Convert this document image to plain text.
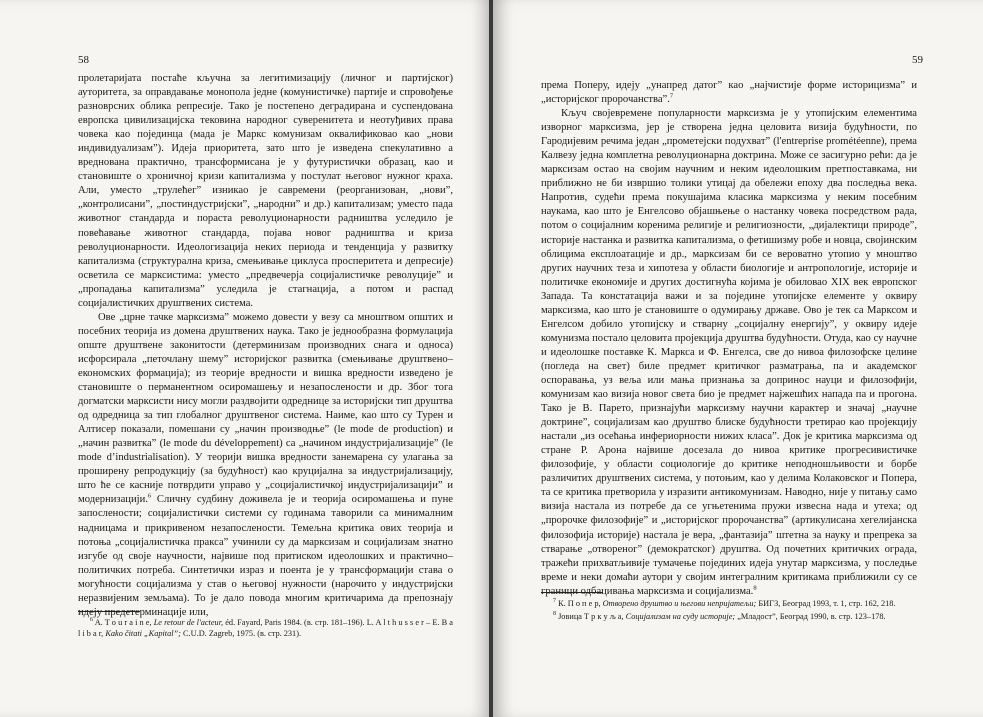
58

пролетаријата постаће кључна за легитимизацију (личног и партијског) ауторитета, за оправдавање монопола једне (комунистичке) партије и спровођење разноврсних облика репресије. Тако је постепено деградирана и суспендована европска цивилизацијска тековина народног суверенитета и неотуђивих права човека као појединца (мада је Маркс комунизам оквалификовао као „нови индивидуализам”). Идеја приоритета, зато што је изведена спекулативно а вреднована практично, трансформисана је у футуристички образац, као и становиште о хроничној кризи капитализма у постулат његовог нужног краха. Али, уместо „трулећег” изникао је савремени (реорганизован, „нови”, „контролисани”, „постиндустријски”, „народни” и др.) капитализам; уместо пада животног стандарда и пораста револуционарности радништва уследило је повећавање животног стандарда, појава новог радништва и криза револуционарности. Идеологизација неких периода и тенденција у развитку капитализма (структурална криза, смењивање циклуса просперитета и депресије) осветила се марксистима: уместо „предвечерја социјалистичке револуције” и „пропадања капитализма” уследила је стагнација, а потом и распад социјалистичких друштвених система.

Ове „црне тачке марксизма” можемо довести у везу са мноштвом општих и посебних теорија из домена друштвених наука. Тако је једнообразна формулација опште друштвене законитости (детерминизам производних снага и односа) исфорсирала „петочлану шему” историјског развитка (смењивање друштвено–економских формација); из теорије вредности и вишка вредности изведено је становиште о перманентном осиромашењу и незапослености и др. Због тога догматски марксисти нису могли раздвојити одреднице за историјски тип друштва од одредница за тип глобалног друштвеног система. Наиме, као што су Турен и Алтисер показали, помешани су „начин производње” (le mode de production) и „начин развитка” (le mode du développement) са „начином индустријализације” (le mode d’industrialisation). У теорији вишка вредности занемарена су улагања за проширену репродукцију (за будућност) као круцијална за индустријализацију, што ће се касније потврдити управо у „социјалистичкој индустријализацији” и модернизацији.$^6$ Сличну судбину доживела је и теорија осиромашења и пуне запослености; социјалистички системи су годинама таворили са минималним надницама и прикривеном незапослености. Темељна критика ових теорија и потоња „социјалистичка пракса” учинили су да марксизам и социјализам знатно изгубе од своје научности, највише под притиском идеолошких и практично–политичких потреба. Синтетички израз и поента је у трансформацији става о могућности социјализма у став о његовој нужности (нарочито у индустријски неразвијеним земљама). То је дало повода многим критичарима да препознају идеју предетерминације или,

$^6$ A. T o u r a i n e, Le retour de l'acteur, éd. Fayard, Paris 1984. (в. стр. 181–196). L. A l t h u s s e r – E. B a l i b a r, Kako čitati „Kapital”; C.U.D. Zagreb, 1975. (в. стр. 231).

59

према Поперу, идеју „унапред датог” као „најчистије форме историцизма” и „историјског пророчанства”.$^7$

Кључ својевременe популарности марксизма је у утопијским елементима изворног марксизма, јер је створена једна целовита визија будућности, по Гародијевим речима један „прометејски подухват” (l'entreprise prométéenne), према Калвезу једна комплетна револуционарна доктрина. Може се засигурно рећи: да је марксизам остао на својим научним и неким идеолошким претпоставкама, ни приближно не би извршио толики утицај да обележи епоху два последња века. Напротив, судећи према покушајима класика марксизма у неким посебним наукама, као што је Енгелсово објашњење о настанку човека посредством рада, потом о социјалним коренима религије и религиозности, „дијалектици природе”, историје настанка и развитка капитализма, о фетишизму робе и новца, својинским облицима експлоатације и др., марксизам би се вероватно утопио у мноштво других научних теза и хипотеза у области биологије и антропологије, историје и политичке економије и других достигнућа којима је обиловао XIX век европског Запада. Та констатација важи и за поједине утопијске елементе у оквиру марксизма, као што је становиште о одумирању државе. Ово је тек са Марксом и Енгелсом добило утопијску и стварну „социјалну енергију”, у оквиру идеје комунизма постало целовита пројекција друштва будућности. Отуда, као су научне и идеолошке поставке К. Маркса и Ф. Енгелса, све до нивоа филозофске целине (погледа на свет) биле предмет критичког разматрања, па и академског оспоравања, уз веља или мања признања за допринос науци и филозофији, комунизам као визија новог света био је предмет најжешћих напада па и прогона. Тако је В. Парето, признајући марксизму научни карактер и значај „научне доктрине”, социјализам као друштво блиске будућности третирао као пројекцију настали „из осећања инфериорности нижих класа”. Док је критика марксизма од стране Р. Арона највише досезала до нивоа критике прогресивистичке филозофије, у области социологије до критике неподношљивости и борбе различитих друштвених система, у потоњим, као у делима Колаковског и Попера, та се критика претворила у изразити антикомунизам. Наводно, није у питању само визија настала из потребе да се угњетенима пружи извесна нада и утеха; од „пророчке филозофије” и „историјског пророчанства” (артикулисана хегелијанска филозофија историје) настала је вера, „фантазија” штетна за науку и препрека за стварање „отвореног” (демократског) друштва. Од почетних критичких ограда, тражећи прихватљивије тумачење појединих идеја унутар марксизма, у последње време и неки домаћи аутори у својим интегралним критикама приближили су се граници одбацивања марксизма и социјализма.$^8$

$^7$ К. П о п е р, Отворено друштво и његови непријатељи; БИГЗ, Београд 1993, т. 1, стр. 162, 218.

$^8$ Јовица Т р к у љ а, Социјализам на суду историје; „Младост”, Београд 1990, в. стр. 123–178.
